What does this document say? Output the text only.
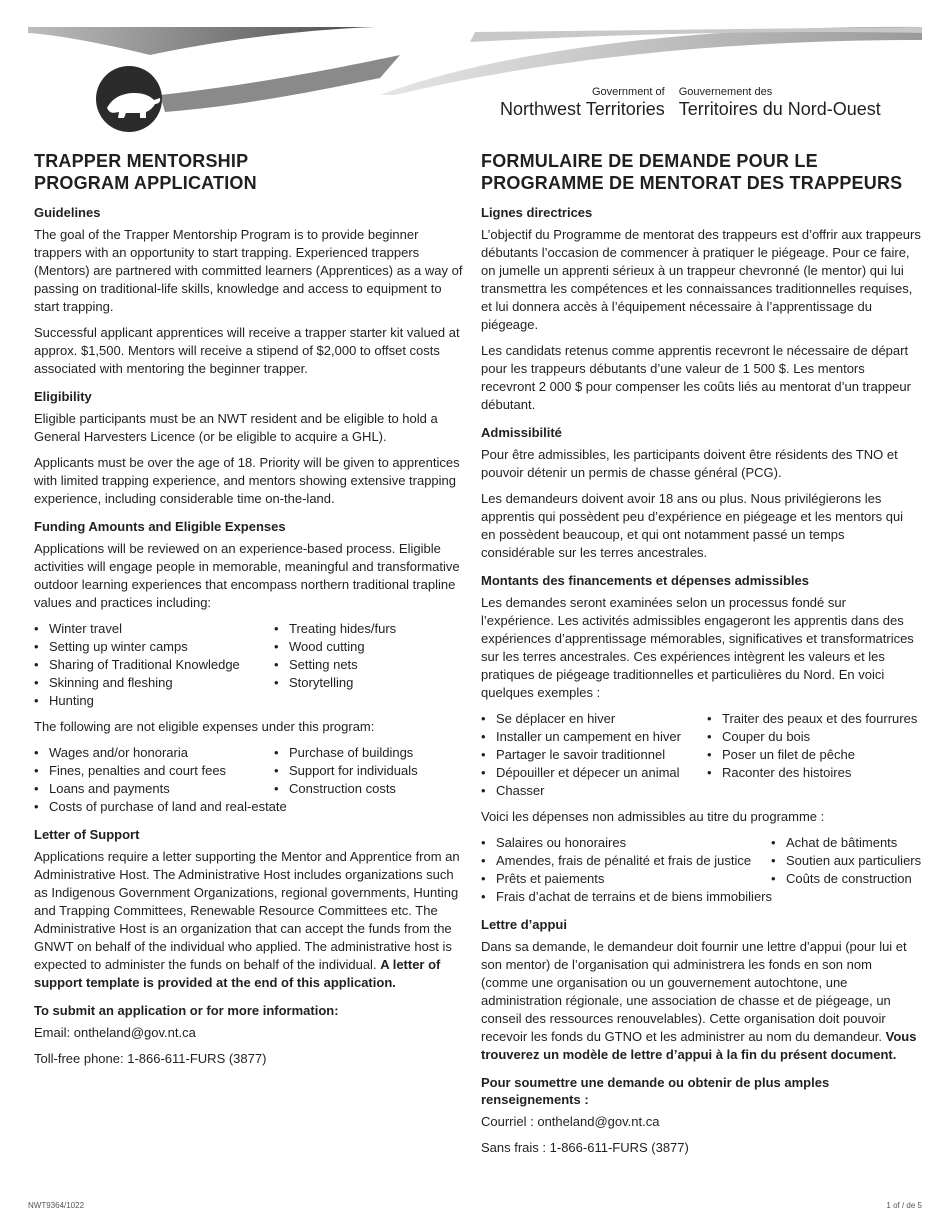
Government of
Northwest Territories
Gouvernement des
Territoires du Nord-Ouest
TRAPPER MENTORSHIP
PROGRAM APPLICATION
Guidelines

The goal of the Trapper Mentorship Program is to provide beginner trappers with an opportunity to start trapping. Experienced trappers (Mentors) are partnered with committed learners (Apprentices) as a way of passing on traditional-life skills, knowledge and access to equipment to start trapping.

Successful applicant apprentices will receive a trapper starter kit valued at approx. $1,500. Mentors will receive a stipend of $2,000 to offset costs associated with mentoring the beginner trapper.

Eligibility

Eligible participants must be an NWT resident and be eligible to hold a General Harvesters Licence (or be eligible to acquire a GHL).

Applicants must be over the age of 18. Priority will be given to apprentices with limited trapping experience, and mentors showing extensive trapping experience, including considerable time on-the-land.

Funding Amounts and Eligible Expenses

Applications will be reviewed on an experience-based process. Eligible activities will engage people in memorable, meaningful and transformative outdoor learning experiences that encompass northern traditional trapline values and practices including:

• Winter travel	• Treating hides/furs
• Setting up winter camps	• Wood cutting
• Sharing of Traditional Knowledge	• Setting nets
• Skinning and fleshing	• Storytelling
• Hunting

The following are not eligible expenses under this program:

• Wages and/or honoraria	• Purchase of buildings
• Fines, penalties and court fees	• Support for individuals
• Loans and payments	• Construction costs
• Costs of purchase of land and real-estate
Letter of Support

Applications require a letter supporting the Mentor and Apprentice from an Administrative Host. The Administrative Host includes organizations such as Indigenous Government Organizations, regional governments, Hunting and Trapping Committees, Renewable Resource Committees etc. The Administrative Host is an organization that can accept the funds from the GNWT on behalf of the individual who applied. The administrative host is expected to administer the funds on behalf of the individual. A letter of support template is provided at the end of this application.

To submit an application or for more information:

Email: ontheland@gov.nt.ca

Toll-free phone: 1-866-611-FURS (3877)

FORMULAIRE DE DEMANDE POUR LE
PROGRAMME DE MENTORAT DES TRAPPEURS
Lignes directrices

L’objectif du Programme de mentorat des trappeurs est d’offrir aux trappeurs débutants l’occasion de commencer à pratiquer le piégeage. Pour ce faire, on jumelle un apprenti sérieux à un trappeur chevronné (le mentor) qui lui transmettra les compétences et les connaissances traditionnelles requises, et lui donnera accès à l’équipement nécessaire à l’apprentissage du piégeage.

Les candidats retenus comme apprentis recevront le nécessaire de départ pour les trappeurs débutants d’une valeur de 1 500 $. Les mentors recevront 2 000 $ pour compenser les coûts liés au mentorat d’un trappeur débutant.

Admissibilité

Pour être admissibles, les participants doivent être résidents des TNO et pouvoir détenir un permis de chasse général (PCG).

Les demandeurs doivent avoir 18 ans ou plus. Nous privilégierons les apprentis qui possèdent peu d’expérience en piégeage et les mentors qui en possèdent beaucoup, et qui ont notamment passé un temps considérable sur les terres ancestrales.

Montants des financements et dépenses admissibles

Les demandes seront examinées selon un processus fondé sur l’expérience. Les activités admissibles engageront les apprentis dans des expériences d’apprentissage mémorables, significatives et transformatrices sur les terres ancestrales. Ces expériences intègrent les valeurs et les pratiques de piégeage traditionnelles et particulières du Nord. En voici quelques exemples :

• Se déplacer en hiver	• Traiter des peaux et des fourrures
• Installer un campement en hiver	• Couper du bois
• Partager le savoir traditionnel	• Poser un filet de pêche
• Dépouiller et dépecer un animal	• Raconter des histoires
• Chasser

Voici les dépenses non admissibles au titre du programme :

• Salaires ou honoraires	• Achat de bâtiments
• Amendes, frais de pénalité et frais de justice	• Soutien aux particuliers
• Prêts et paiements	• Coûts de construction
• Frais d’achat de terrains et de biens immobiliers
Lettre d’appui

Dans sa demande, le demandeur doit fournir une lettre d’appui (pour lui et son mentor) de l’organisation qui administrera les fonds en son nom (comme une organisation ou un gouvernement autochtone, une administration régionale, une association de chasse et de piégeage, un conseil des ressources renouvelables). Cette organisation doit pouvoir recevoir les fonds du GTNO et les administrer au nom du demandeur. Vous trouverez un modèle de lettre d’appui à la fin du présent document.

Pour soumettre une demande ou obtenir de plus amples renseignements :

Courriel : ontheland@gov.nt.ca

Sans frais : 1-866-611-FURS (3877)

NWT9364/1022	1 of / de 5
